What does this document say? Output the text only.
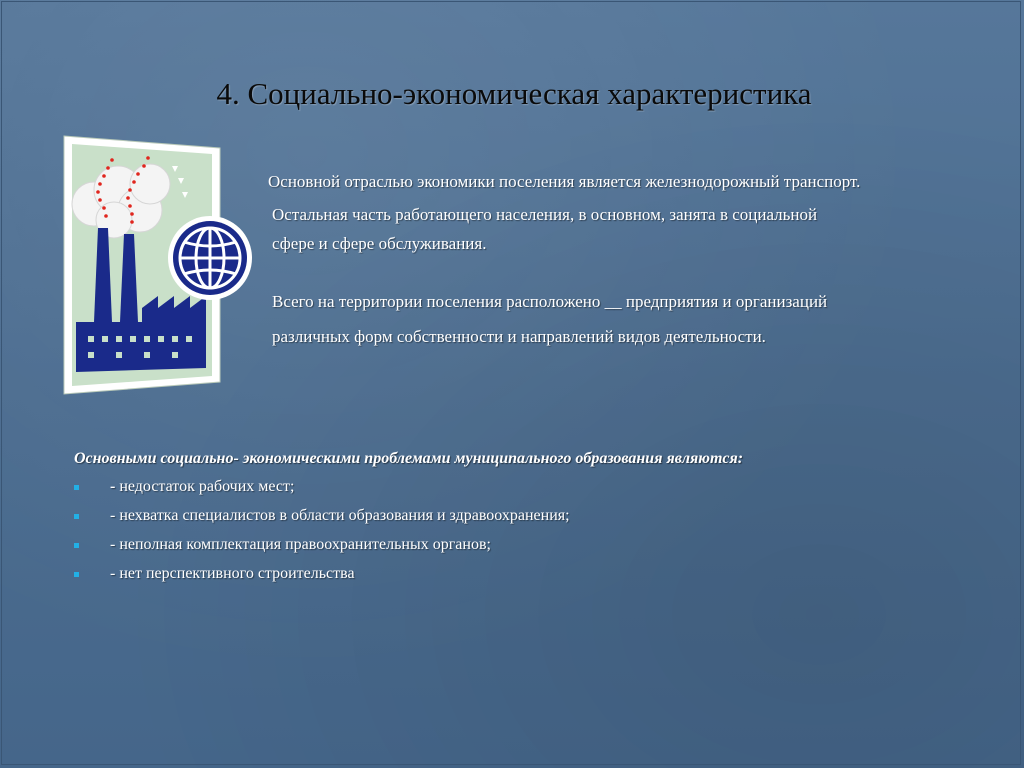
4. Социально-экономическая характеристика
Основной отраслью экономики поселения является железнодорожный транспорт.
Остальная часть работающего населения, в основном, занята в социальной
сфере и сфере обслуживания.
Всего на территории поселения расположено __ предприятия и организаций
различных форм собственности и направлений видов деятельности.
Основными социально- экономическими проблемами муниципального образования являются:
- недостаток рабочих мест;
- нехватка специалистов в области образования и здравоохранения;
- неполная комплектация правоохранительных органов;
- нет перспективного строительства
